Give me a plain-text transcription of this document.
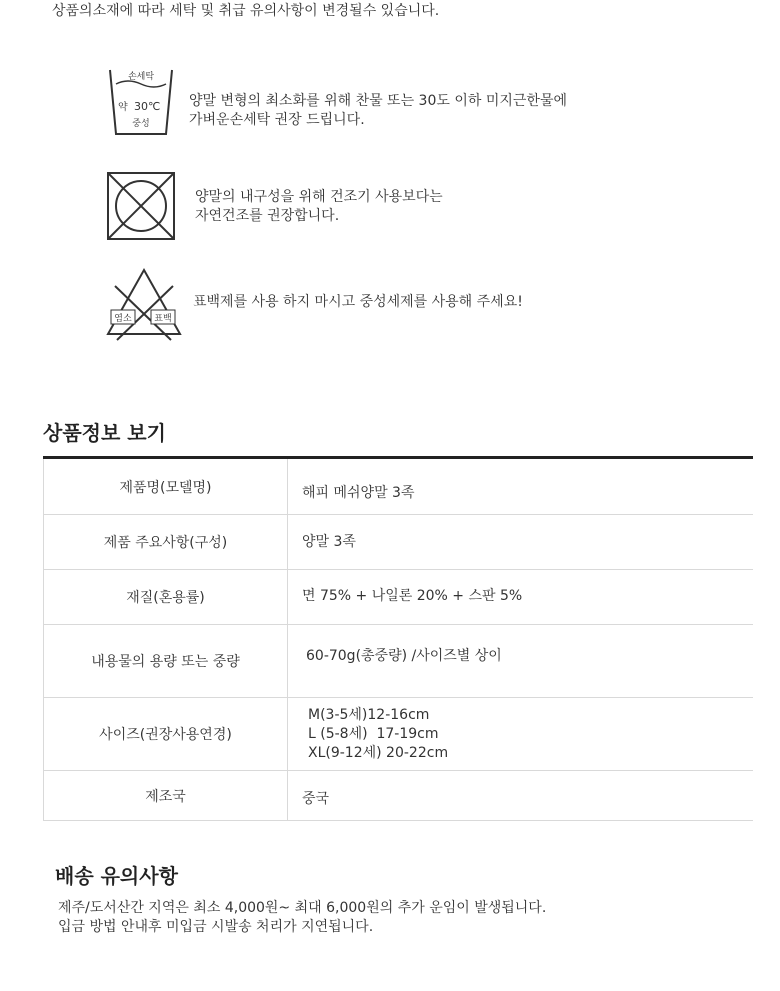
상품의소재에 따라 세탁 및 취급 유의사항이 변경될수 있습니다.
손세탁
약 30℃
중성
양말 변형의 최소화를 위해 찬물 또는 30도 이하 미지근한물에
가벼운손세탁 권장 드립니다.
양말의 내구성을 위해 건조기 사용보다는
자연건조를 권장합니다.
염소	표백
표백제를 사용 하지 마시고 중성세제를 사용해 주세요!
상품정보 보기
제품명(모델명)	해피 메쉬양말 3족

제품 주요사항(구성)	양말 3족

재질(혼용률)	면 75% + 나일론 20% + 스판 5%

내용물의 용량 또는 중량	60-70g(총중량) /사이즈별 상이

사이즈(권장사용연경)	M(3-5세)12-16cm
L (5-8세)  17-19cm
XL(9-12세) 20-22cm

제조국	중국
배송 유의사항
제주/도서산간 지역은 최소 4,000원~ 최대 6,000원의 추가 운임이 발생됩니다.
입금 방법 안내후 미입금 시발송 처리가 지연됩니다.
